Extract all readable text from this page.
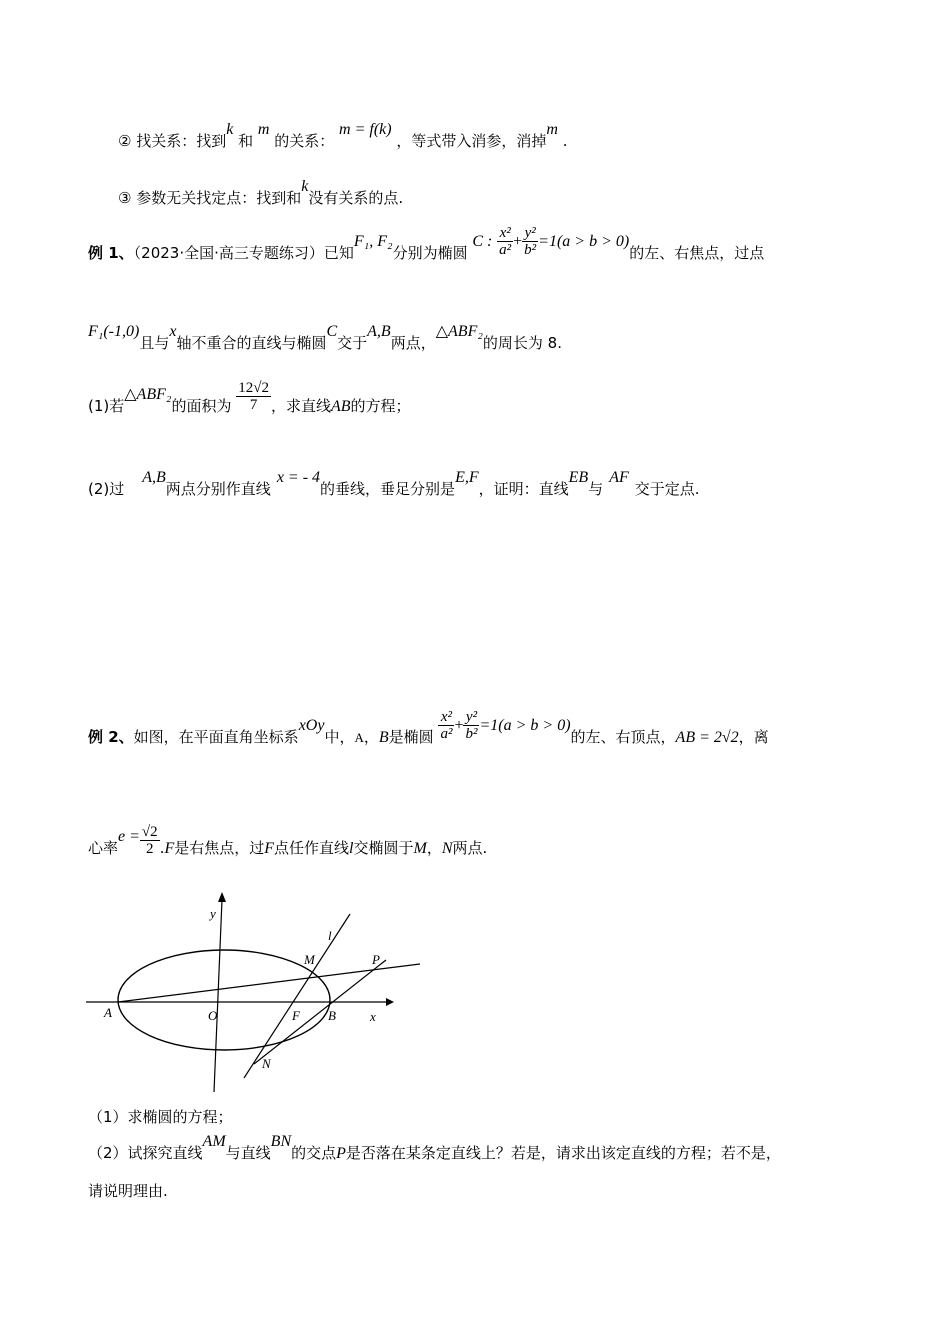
② 找关系：找到k 和 m 的关系： m = f(k) ，等式带入消参，消掉m .
③ 参数无关找定点：找到和k没有关系的点.
例 1、（2023·全国·高三专题练习）已知F₁, F₂分别为椭圆 C : $\frac{\text{x²}}{\text{a²}} + \frac{\text{y²}}{\text{b²}} =1(a > b > 0)$的左、右焦点，过点
F₁(-1,0)且与x轴不重合的直线与椭圆C交于A,B两点，△ABF₂的周长为 8.
(1)若△ABF₂的面积为 $\frac{12√2}{7}$ ，求直线AB的方程；
(2)过A,B两点分别作直线x = - 4的垂线，垂足分别是E,F，证明：直线EB与AF交于定点.
例 2、如图，在平面直角坐标系xOy中，A，B是椭圆 $\frac{\text{x²}}{\text{a²}} + \frac{\text{y²}}{\text{b²}} =1(a > b > 0)$的左、右顶点，AB = 2√2，离
心率$e = \frac{√2}{2} .F$是右焦点，过F点任作直线l交椭圆于M，N两点.
y
x
O
A	B
F
M
N
P
l
（1）求椭圆的方程；
（2）试探究直线AM与直线BN的交点P是否落在某条定直线上？若是，请求出该定直线的方程；若不是，
请说明理由.
